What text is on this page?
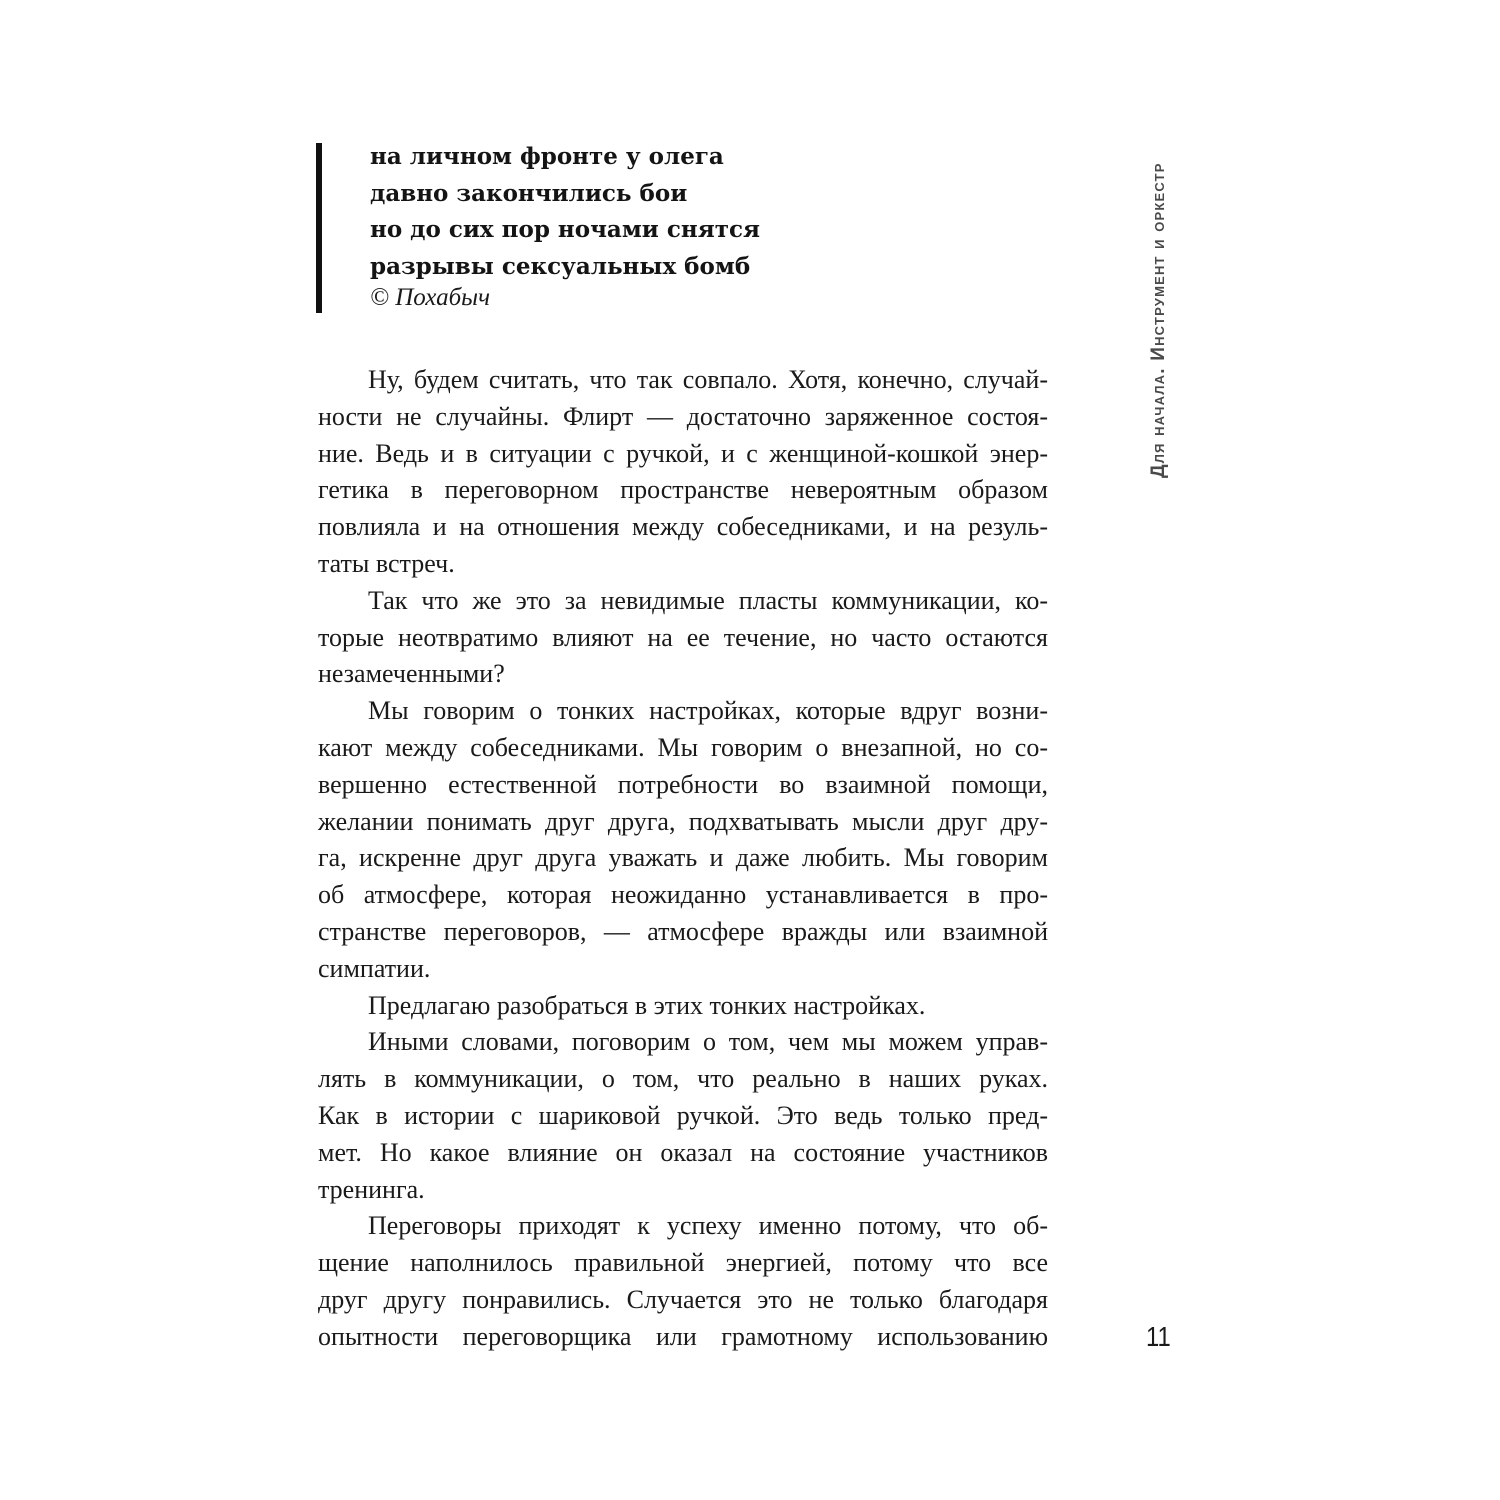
Для начала. Инструмент и оркестр
на личном фронте у олега
давно закончились бои
но до сих пор ночами снятся
разрывы сексуальных бомб
© Похабыч
Ну, будем считать, что так совпало. Хотя, конечно, случай-
ности не случайны. Флирт — достаточно заряженное состоя-
ние. Ведь и в ситуации с ручкой, и с женщиной-кошкой энер-
гетика в переговорном пространстве невероятным образом
повлияла и на отношения между собеседниками, и на резуль-
таты встреч.
Так что же это за невидимые пласты коммуникации, ко-
торые неотвратимо влияют на ее течение, но часто остаются
незамеченными?
Мы говорим о тонких настройках, которые вдруг возни-
кают между собеседниками. Мы говорим о внезапной, но со-
вершенно естественной потребности во взаимной помощи,
желании понимать друг друга, подхватывать мысли друг дру-
га, искренне друг друга уважать и даже любить. Мы говорим
об атмосфере, которая неожиданно устанавливается в про-
странстве переговоров, — атмосфере вражды или взаимной
симпатии.
Предлагаю разобраться в этих тонких настройках.
Иными словами, поговорим о том, чем мы можем управ-
лять в коммуникации, о том, что реально в наших руках.
Как в истории с шариковой ручкой. Это ведь только пред-
мет. Но какое влияние он оказал на состояние участников
тренинга.
Переговоры приходят к успеху именно потому, что об-
щение наполнилось правильной энергией, потому что все
друг другу понравились. Случается это не только благодаря
опытности переговорщика или грамотному использованию	11
